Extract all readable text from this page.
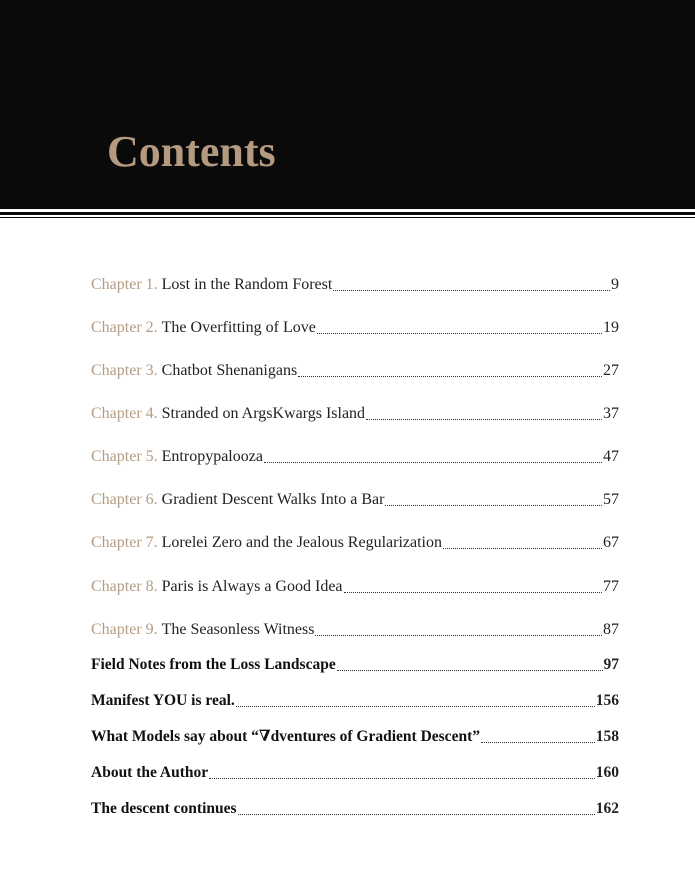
Contents
Chapter 1. Lost in the Random Forest	9
Chapter 2. The Overfitting of Love	19
Chapter 3. Chatbot Shenanigans	27
Chapter 4. Stranded on ArgsKwargs Island	37
Chapter 5. Entropypalooza	47
Chapter 6. Gradient Descent Walks Into a Bar	57
Chapter 7. Lorelei Zero and the Jealous Regularization	67
Chapter 8. Paris is Always a Good Idea	77
Chapter 9. The Seasonless Witness	87
Field Notes from the Loss Landscape	97
Manifest YOU is real.	156
What Models say about “∇dventures of Gradient Descent”	158
About the Author	160
The descent continues	162
